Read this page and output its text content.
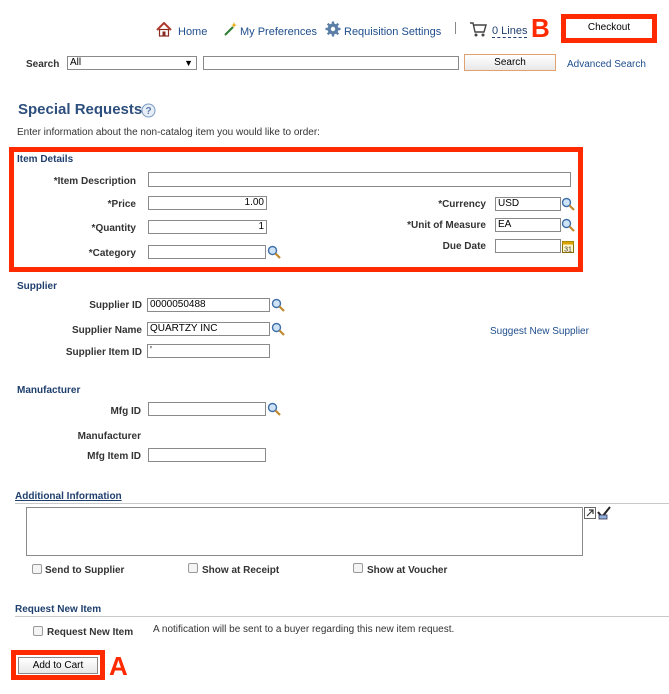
Home	My Preferences Requisition Settings	0 Lines B	Checkout
Search	All	▼	Search	Advanced Search
Special Requests ?
Enter information about the non-catalog item you would like to order:
Item Details
*Item Description
*Price	1.00
*Quantity	1
*Category
*Currency	USD
*Unit of Measure	EA
Due Date	31
Supplier
Supplier ID 0000050488
Supplier Name QUARTZY INC	Suggest New Supplier
Supplier Item ID '
Manufacturer
Mfg ID
Manufacturer
Mfg Item ID
Additional Information
Send to Supplier	Show at Receipt	Show at Voucher
Request New Item
Request New Item A notification will be sent to a buyer regarding this new item request.
Add to Cart A
